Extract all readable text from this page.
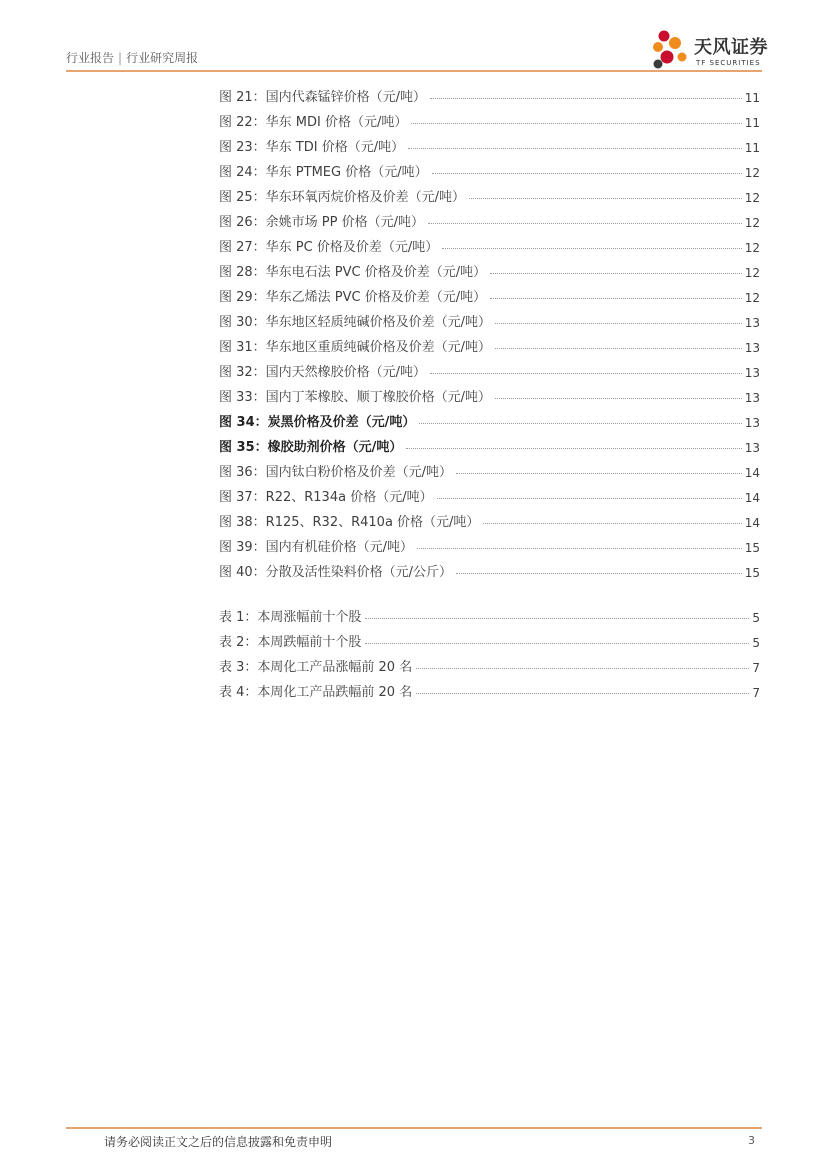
行业报告 | 行业研究周报	天风证券
TF SECURITIES
图 21：国内代森锰锌价格（元/吨）	11
图 22：华东 MDI 价格（元/吨）	11
图 23：华东 TDI 价格（元/吨）	11
图 24：华东 PTMEG 价格（元/吨）	12
图 25：华东环氧丙烷价格及价差（元/吨）	12
图 26：余姚市场 PP 价格（元/吨）	12
图 27：华东 PC 价格及价差（元/吨）	12
图 28：华东电石法 PVC 价格及价差（元/吨）	12
图 29：华东乙烯法 PVC 价格及价差（元/吨）	12
图 30：华东地区轻质纯碱价格及价差（元/吨）	13
图 31：华东地区重质纯碱价格及价差（元/吨）	13
图 32：国内天然橡胶价格（元/吨）	13
图 33：国内丁苯橡胶、顺丁橡胶价格（元/吨）	13
图 34：炭黑价格及价差（元/吨）	13
图 35：橡胶助剂价格（元/吨）	13
图 36：国内钛白粉价格及价差（元/吨）	14
图 37：R22、R134a 价格（元/吨）	14
图 38：R125、R32、R410a 价格（元/吨）	14
图 39：国内有机硅价格（元/吨）	15
图 40：分散及活性染料价格（元/公斤）	15
表 1：本周涨幅前十个股	5
表 2：本周跌幅前十个股	5
表 3：本周化工产品涨幅前 20 名	7
表 4：本周化工产品跌幅前 20 名	7
请务必阅读正文之后的信息披露和免责申明	3
